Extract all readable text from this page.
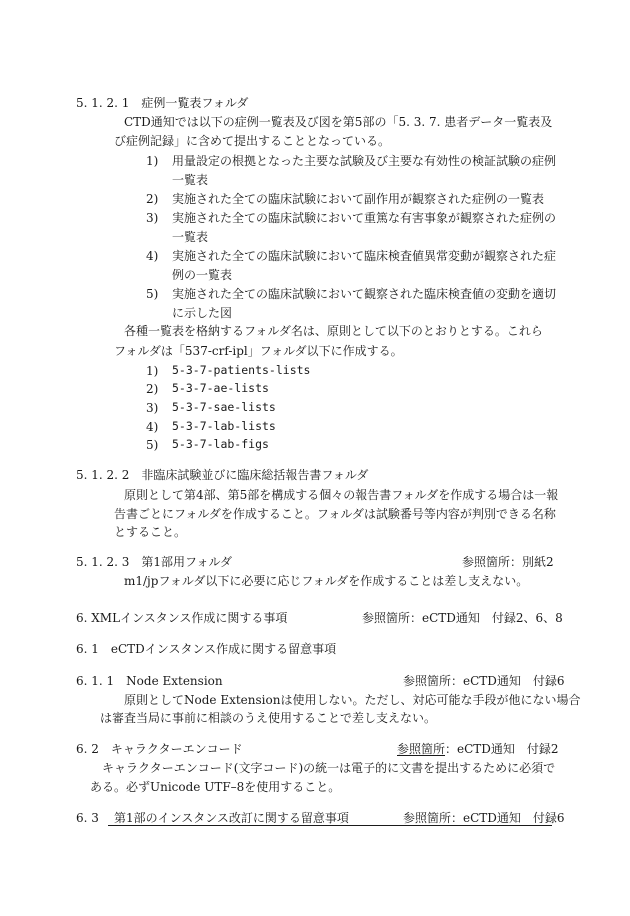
5. 1. 2. 1　症例一覧表フォルダ
CTD通知では以下の症例一覧表及び図を第5部の「5. 3. 7. 患者データ一覧表及
び症例記録」に含めて提出することとなっている。
1) 用量設定の根拠となった主要な試験及び主要な有効性の検証試験の症例
一覧表
2) 実施された全ての臨床試験において副作用が観察された症例の一覧表
3) 実施された全ての臨床試験において重篤な有害事象が観察された症例の
一覧表
4) 実施された全ての臨床試験において臨床検査値異常変動が観察された症
例の一覧表
5) 実施された全ての臨床試験において観察された臨床検査値の変動を適切
に示した図
各種一覧表を格納するフォルダ名は、原則として以下のとおりとする。これら
フォルダは「537-crf-ipl」フォルダ以下に作成する。
1) 5-3-7-patients-lists
2) 5-3-7-ae-lists
3) 5-3-7-sae-lists
4) 5-3-7-lab-lists
5) 5-3-7-lab-figs
5. 1. 2. 2　非臨床試験並びに臨床総括報告書フォルダ
原則として第4部、第5部を構成する個々の報告書フォルダを作成する場合は一報
告書ごとにフォルダを作成すること。フォルダは試験番号等内容が判別できる名称
とすること。
5. 1. 2. 3　第1部用フォルダ	参照箇所：別紙2
m1/jpフォルダ以下に必要に応じフォルダを作成することは差し支えない。
6. XMLインスタンス作成に関する事項	参照箇所：eCTD通知　付録2、6、8
6. 1　eCTDインスタンス作成に関する留意事項
6. 1. 1　Node Extension	参照箇所：eCTD通知　付録6
原則としてNode Extensionは使用しない。ただし、対応可能な手段が他にない場合
は審査当局に事前に相談のうえ使用することで差し支えない。
6. 2　キャラクターエンコード	参照箇所：eCTD通知　付録2
キャラクターエンコード(文字コード)の統一は電子的に文書を提出するために必須で
ある。必ずUnicode UTF–8を使用すること。
6. 3 第1部のインスタンス改訂に関する留意事項	参照箇所：eCTD通知　付録6
